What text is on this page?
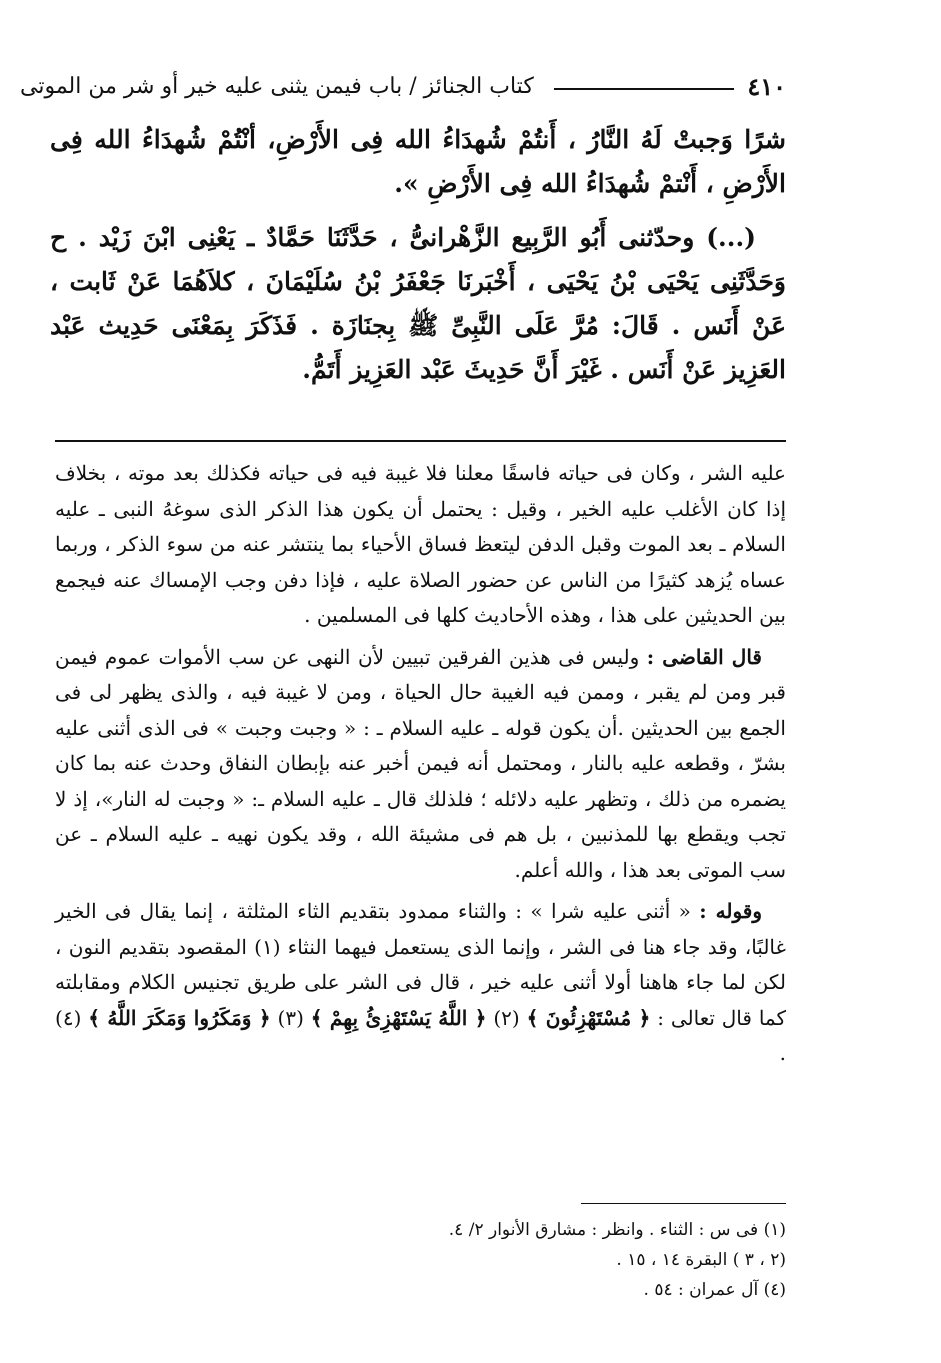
٤١٠
كتاب الجنائز / باب فيمن يثنى عليه خير أو شر من الموتى

شرًا وَجبتْ لَهُ النَّارُ ، أَنتُمْ شُهدَاءُ الله فِى الأَرْضِ، أنْتُمْ شُهدَاءُ الله فِى الأَرْضِ ، أَنْتمْ شُهدَاءُ الله فِى الأَرْضِ ».

(...) وحدّثنى أَبُو الرَّبِيع الزَّهْرانىُّ ، حَدَّثَنَا حَمَّادٌ ـ يَعْنِى ابْنَ زَيْد . ح وَحَدَّثَنِى يَحْيَى بْنُ يَحْيَى ، أَخْبَرنَا جَعْفَرُ بْنُ سُلَيْمَانَ ، كلاَهُمَا عَنْ ثَابت ، عَنْ أَنَس . قَالَ: مُرَّ عَلَى النَّبِىِّ ﷺ بِجنَازَة . فَذَكَرَ بِمَعْنَى حَدِيث عَبْد العَزِيز عَنْ أَنَس . غَيْرَ أَنَّ حَدِيثَ عَبْد العَزِيز أَتَمُّ.

عليه الشر ، وكان فى حياته فاسقًا معلنا فلا غيبة فيه فى حياته فكذلك بعد موته ، بخلاف إذا كان الأغلب عليه الخير ، وقيل : يحتمل أن يكون هذا الذكر الذى سوغهُ النبى ـ عليه السلام ـ بعد الموت وقبل الدفن ليتعظ فساق الأحياء بما ينتشر عنه من سوء الذكر ، وربما عساه يُزهد كثيرًا من الناس عن حضور الصلاة عليه ، فإذا دفن وجب الإمساك عنه فيجمع بين الحديثين على هذا ، وهذه الأحاديث كلها فى المسلمين .

قال القاضى : وليس فى هذين الفرقين تبيين لأن النهى عن سب الأموات عموم فيمن قبر ومن لم يقبر ، وممن فيه الغيبة حال الحياة ، ومن لا غيبة فيه ، والذى يظهر لى فى الجمع بين الحديثين .أن يكون قوله ـ عليه السلام ـ : « وجبت وجبت » فى الذى أثنى عليه بشرّ ، وقطعه عليه بالنار ، ومحتمل أنه فيمن أخبر عنه بإبطان النفاق وحدث عنه بما كان يضمره من ذلك ، وتظهر عليه دلائله ؛ فلذلك قال ـ عليه السلام ـ: « وجبت له النار»، إذ لا تجب ويقطع بها للمذنبين ، بل هم فى مشيئة الله ، وقد يكون نهيه ـ عليه السلام ـ عن سب الموتى بعد هذا ، والله أعلم.

وقوله : « أثنى عليه شرا » : والثناء ممدود بتقديم الثاء المثلثة ، إنما يقال فى الخير غالبًا، وقد جاء هنا فى الشر ، وإنما الذى يستعمل فيهما النثاء (١) المقصود بتقديم النون ، لكن لما جاء هاهنا أولا أثنى عليه خير ، قال فى الشر على طريق تجنيس الكلام ومقابلته كما قال تعالى : ﴿ مُسْتَهْزِئُونَ ﴾ (٢) ﴿ اللَّهُ يَسْتَهْزِئُ بِهِمْ ﴾ (٣) ﴿ وَمَكَرُوا وَمَكَرَ اللَّهُ ﴾ (٤) .

(١) فى س : الثناء . وانظر : مشارق الأنوار ٢/ ٤.
(٢ ، ٣ ) البقرة ١٤ ، ١٥ .
(٤) آل عمران : ٥٤ .
